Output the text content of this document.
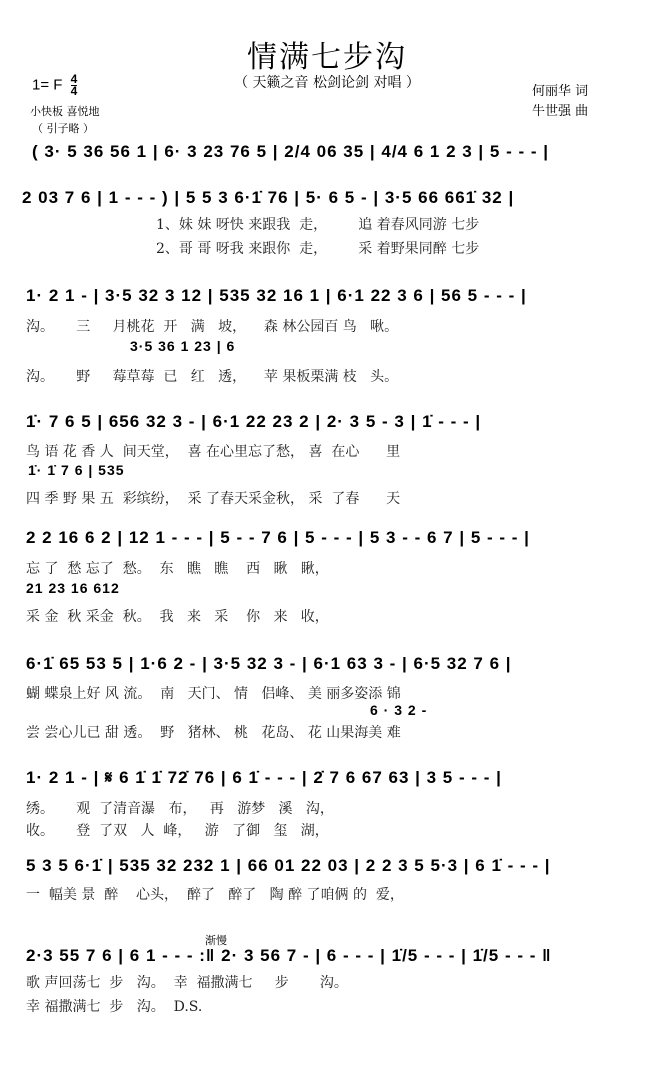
情满七步沟
（ 天籁之音 松剑论剑 对唱 ）
1= F $\frac{4}{4}$
小快板 喜悦地
（ 引子略 ）
何丽华 词
牛世强 曲
( 3· 5 36 56 1 | 6· 3 23 76 5 | 2/4 06 35 | 4/4 6 1 2 3 | 5 - - - |
2 03 7 6 | 1 - - - ) | 5 5 3 6·1̇ 76 | 5· 6 5 - | 3·5 66 661̇ 32 |
1、妹 妹 呀快 来跟我  走，       追 着春风同游 七步
2、哥 哥 呀我 来跟你  走，       采 着野果同醉 七步
1· 2 1 - | 3·5 32 3 12 | 535 32 16 1 | 6·1 22 3 6 | 56 5 - - - |
沟。     三     月桃花  开   满   坡，    森 林公园百 鸟   啾。
3·5 36 1 23 | 6
沟。     野     莓草莓  已   红   透，    苹 果板栗满 枝   头。
1̇· 7 6 5 | 656 32 3 - | 6·1 22 23 2 | 2· 3 5 - 3 | 1̇ - - - |
鸟 语 花 香 人  间天堂，  喜 在心里忘了愁， 喜  在心      里
1̇· 1̇ 7 6 | 535
四 季 野 果 五  彩缤纷，  采 了春天采金秋， 采  了春      天
2 2 16 6 2 | 12 1 - - - | 5 - - 7 6 | 5 - - - | 5 3 - - 6 7 | 5 - - - |
忘 了  愁 忘了  愁。  东   瞧   瞧    西   瞅   瞅，
21 23 16 612
采 金  秋 采金  秋。  我   来   采    你   来   收，
6·1̇ 65 53 5 | 1·6 2 - | 3·5 32 3 - | 6·1 63 3 - | 6·5 32 7 6 |
蝴 蝶泉上好 风 流。  南   天门、 情   侣峰、 美 丽多姿添 锦
6 · 3 2 -
尝 尝心儿已 甜 透。  野   猪林、 桃   花岛、 花 山果海美 难
1· 2 1 - | 𝄋 6 1̇ 1̇ 72̇ 76 | 6 1̇ - - - | 2̇ 7 6 67 63 | 3 5 - - - |
绣。     观  了清音瀑   布，   再   游梦   溪   沟，
收。     登  了双   人  峰，   游   了御   玺   湖，
5 3 5 6·1̇ | 535 32 232 1 | 66 01 22 03 | 2 2 3 5 5·3 | 6 1̇ - - - |
一  幅美 景  醉    心头，  醉了   醉了   陶 醉 了咱俩 的  爱，
渐慢
2·3 55 7 6 | 6 1 - - - :‖ 2· 3 56 7 - | 6 - - - | 1̇/5 - - - | 1̇/5 - - - ‖
歌 声回荡七  步   沟。  幸  福撒满七     步       沟。
幸 福撒满七  步   沟。  D.S.
